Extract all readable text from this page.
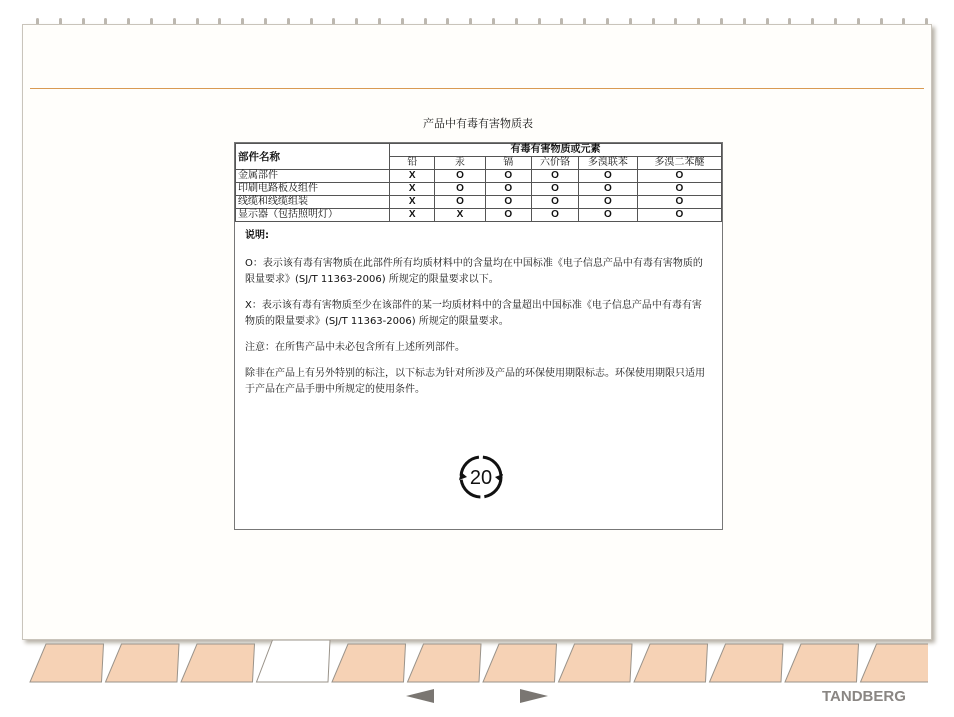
产品中有毒有害物质表
部件名称	有毒有害物质或元素					
	铅	汞	镉	六价铬	多溴联苯	多溴二苯醚
金属部件	X	O	O	O	O	O
印刷电路板及组件	X	O	O	O	O	O
线缆和线缆组装	X	O	O	O	O	O
显示器（包括照明灯）	X	X	O	O	O	O

说明:

O：表示该有毒有害物质在此部件所有均质材料中的含量均在中国标准《电子信息产品中有毒有害物质的限量要求》(SJ/T 11363-2006) 所规定的限量要求以下。

X：表示该有毒有害物质至少在该部件的某一均质材料中的含量超出中国标准《电子信息产品中有毒有害物质的限量要求》(SJ/T 11363-2006) 所规定的限量要求。

注意：在所售产品中未必包含所有上述所列部件。

除非在产品上有另外特别的标注，以下标志为针对所涉及产品的环保使用期限标志。环保使用期限只适用于产品在产品手册中所规定的使用条件。

20
TANDBERG
